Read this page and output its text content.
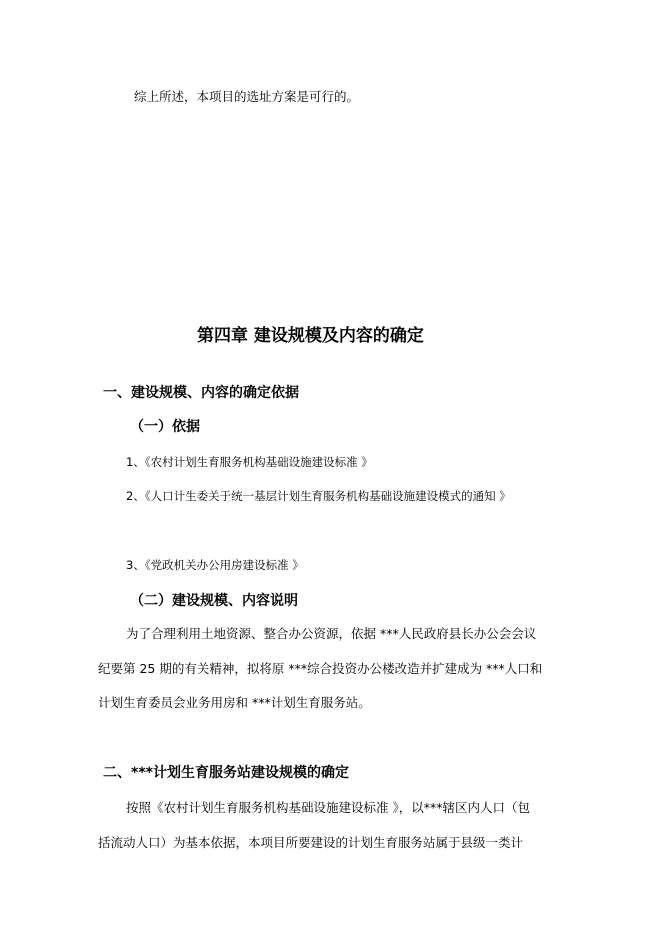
综上所述，本项目的选址方案是可行的。

第四章 建设规模及内容的确定
一、建设规模、内容的确定依据
（一）依据

1、《农村计划生育服务机构基础设施建设标准 》

2、《人口计生委关于统一基层计划生育服务机构基础设施建设模式的通知 》

3、《党政机关办公用房建设标准 》

（二）建设规模、内容说明

为了合理利用土地资源、整合办公资源，依据 ***人民政府县长办公会会议

纪要第 25 期的有关精神，拟将原 ***综合投资办公楼改造并扩建成为 ***人口和

计划生育委员会业务用房和 ***计划生育服务站。

二、***计划生育服务站建设规模的确定

按照《农村计划生育服务机构基础设施建设标准 》，以***辖区内人口（包

括流动人口）为基本依据，本项目所要建设的计划生育服务站属于县级一类计
